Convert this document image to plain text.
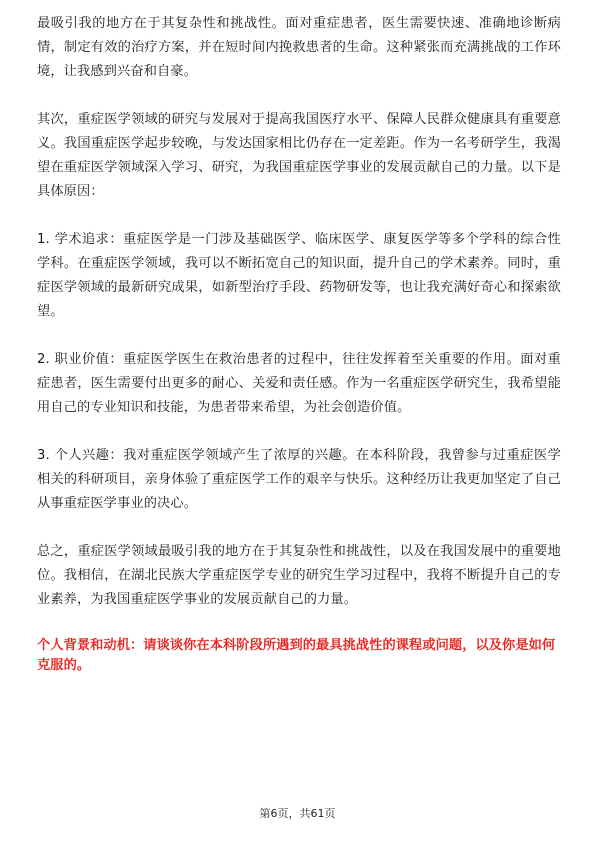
最吸引我的地方在于其复杂性和挑战性。面对重症患者，医生需要快速、准确地诊断病情，制定有效的治疗方案，并在短时间内挽救患者的生命。这种紧张而充满挑战的工作环境，让我感到兴奋和自豪。

其次，重症医学领域的研究与发展对于提高我国医疗水平、保障人民群众健康具有重要意义。我国重症医学起步较晚，与发达国家相比仍存在一定差距。作为一名考研学生，我渴望在重症医学领域深入学习、研究，为我国重症医学事业的发展贡献自己的力量。以下是具体原因：

1. 学术追求：重症医学是一门涉及基础医学、临床医学、康复医学等多个学科的综合性学科。在重症医学领域，我可以不断拓宽自己的知识面，提升自己的学术素养。同时，重症医学领域的最新研究成果，如新型治疗手段、药物研发等，也让我充满好奇心和探索欲望。

2. 职业价值：重症医学医生在救治患者的过程中，往往发挥着至关重要的作用。面对重症患者，医生需要付出更多的耐心、关爱和责任感。作为一名重症医学研究生，我希望能用自己的专业知识和技能，为患者带来希望，为社会创造价值。

3. 个人兴趣：我对重症医学领域产生了浓厚的兴趣。在本科阶段，我曾参与过重症医学相关的科研项目，亲身体验了重症医学工作的艰辛与快乐。这种经历让我更加坚定了自己从事重症医学事业的决心。

总之，重症医学领域最吸引我的地方在于其复杂性和挑战性，以及在我国发展中的重要地位。我相信，在湖北民族大学重症医学专业的研究生学习过程中，我将不断提升自己的专业素养，为我国重症医学事业的发展贡献自己的力量。

个人背景和动机：请谈谈你在本科阶段所遇到的最具挑战性的课程或问题，以及你是如何克服的。

第6页，共61页
